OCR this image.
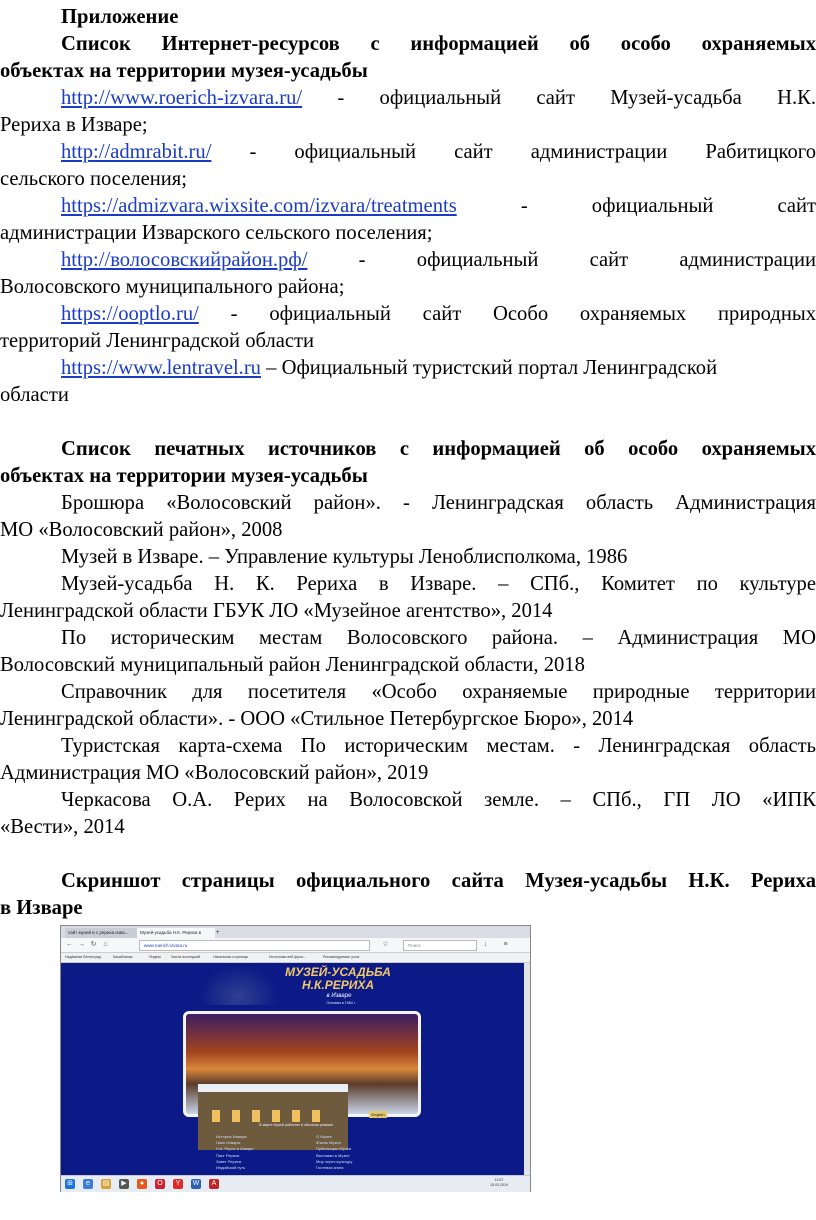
Приложение
Список Интернет-ресурсов с информацией об особо охраняемых
объектах на территории музея-усадьбы
http://www.roerich-izvara.ru/ - официальный сайт Музей-усадьба Н.К.
Рериха в Изваре;
http://admrabit.ru/ - официальный сайт администрации Рабитицкого
сельского поселения;
https://admizvara.wixsite.com/izvara/treatments	- официальный сайт
администрации Изварского сельского поселения;
http://волосовскийрайон.рф/ - официальный сайт администрации
Волосовского муниципального района;
https://ooptlo.ru/ - официальный сайт Особо охраняемых природных
территорий Ленинградской области
https://www.lentravel.ru – Официальный туристский портал Ленинградской
области
Список печатных источников с информацией об особо охраняемых
объектах на территории музея-усадьбы
Брошюра «Волосовский район». - Ленинградская область Администрация
МО «Волосовский район», 2008
Музей в Изваре. – Управление культуры Леноблисполкома, 1986
Музей-усадьба Н. К. Рериха в Изваре. – СПб., Комитет по культуре
Ленинградской области ГБУК ЛО «Музейное агентство», 2014
По историческим местам Волосовского района. – Администрация МО
Волосовский муниципальный район Ленинградской области, 2018
Справочник для посетителя «Особо охраняемые природные территории
Ленинградской области». - ООО «Стильное Петербургское Бюро», 2014
Туристская карта-схема По историческим местам. - Ленинградская область
Администрация МО «Волосовский район», 2019
Черкасова О.А. Рерих на Волосовской земле. – СПб., ГП ЛО «ИПК
«Вести», 2014
Скриншот страницы официального сайта Музея-усадьбы Н.К. Рериха
в Изваре
сайт музей в с рериха изва...	Музей-усадьба Н.К. Рериха в	+
← → ↻ ⌂	www.roerich-izvara.ru	☆	Поиск	↓	≡
Надёжная Ленинград	Касабланка	Яндекс	Числа последний	Начальная страница	Источники веб-фрон...	Рекомендуемые узлы
МУЗЕЙ-УСАДЬБА Н.К.РЕРИХА
в Изваре
Основан в 1984 г.
English
В марте Музей работает в обычном режиме
История Извары
Гимн Извары
Н.К. Рерих в Изваре
Пакт Рериха
Завет Рериха
Индийский путь
О Музее
Жизнь Музея
Публикации Музея
Выставки в Музее
Мир через культуру
Гостевая книга
⊞	e	▤	▶	●	O	Y	W	A	13:57
15.03.2019
